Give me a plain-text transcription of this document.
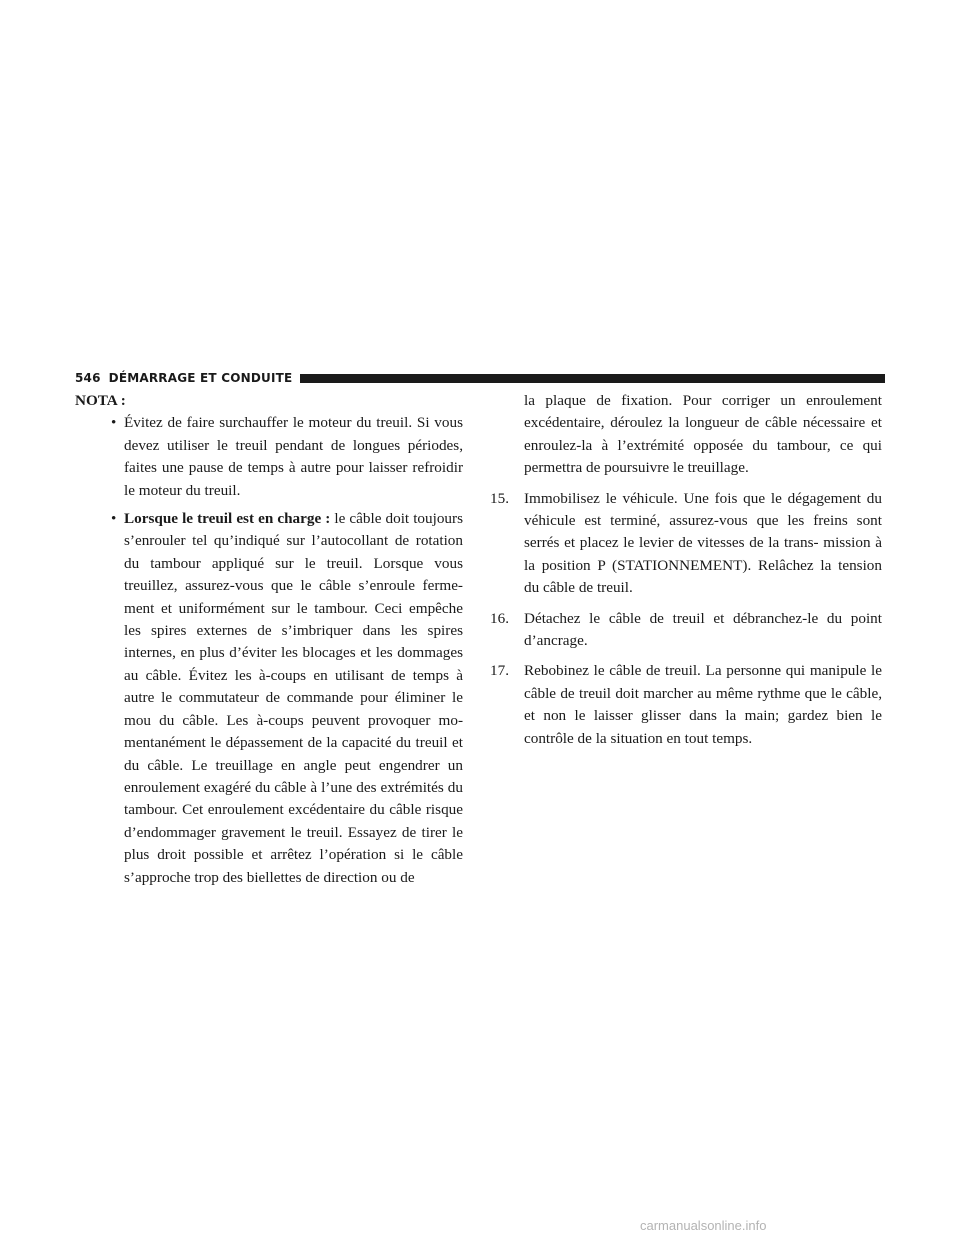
546 DÉMARRAGE ET CONDUITE

NOTA :

• Évitez de faire surchauffer le moteur du treuil. Si vous devez utiliser le treuil pendant de longues périodes, faites une pause de temps à autre pour laisser refroidir le moteur du treuil.

• Lorsque le treuil est en charge : le câble doit toujours s’enrouler tel qu’indiqué sur l’autocollant de rotation du tambour appliqué sur le treuil. Lorsque vous treuillez, assurez-vous que le câble s’enroule ferme- ment et uniformément sur le tambour. Ceci empêche les spires externes de s’imbriquer dans les spires internes, en plus d’éviter les blocages et les dommages au câble. Évitez les à-coups en utilisant de temps à autre le commutateur de commande pour éliminer le mou du câble. Les à-coups peuvent provoquer mo- mentanément le dépassement de la capacité du treuil et du câble. Le treuillage en angle peut engendrer un enroulement exagéré du câble à l’une des extrémités du tambour. Cet enroulement excédentaire du câble risque d’endommager gravement le treuil. Essayez de tirer le plus droit possible et arrêtez l’opération si le câble s’approche trop des biellettes de direction ou de

la plaque de fixation. Pour corriger un enroulement excédentaire, déroulez la longueur de câble nécessaire et enroulez-la à l’extrémité opposée du tambour, ce qui permettra de poursuivre le treuillage.

15. Immobilisez le véhicule. Une fois que le dégagement du véhicule est terminé, assurez-vous que les freins sont serrés et placez le levier de vitesses de la trans- mission à la position P (STATIONNEMENT). Relâchez la tension du câble de treuil.

16. Détachez le câble de treuil et débranchez-le du point d’ancrage.

17. Rebobinez le câble de treuil. La personne qui manipule le câble de treuil doit marcher au même rythme que le câble, et non le laisser glisser dans la main; gardez bien le contrôle de la situation en tout temps.

carmanualsonline.info
